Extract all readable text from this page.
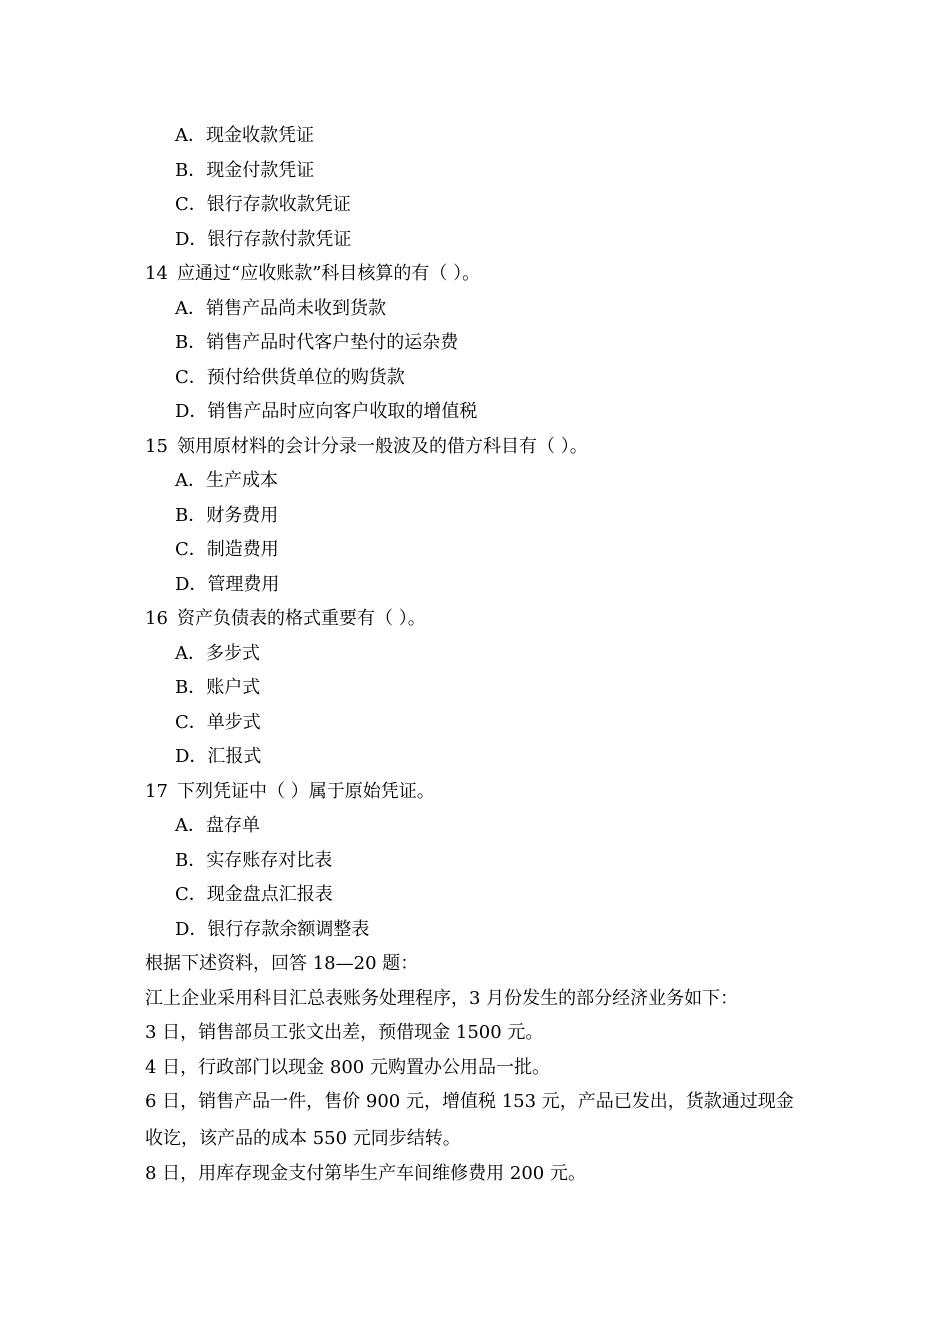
A．现金收款凭证
B．现金付款凭证
C．银行存款收款凭证
D．银行存款付款凭证
14 应通过“应收账款”科目核算的有（ ）。
A．销售产品尚未收到货款
B．销售产品时代客户垫付的运杂费
C．预付给供货单位的购货款
D．销售产品时应向客户收取的增值税
15 领用原材料的会计分录一般波及的借方科目有（ ）。
A．生产成本
B．财务费用
C．制造费用
D．管理费用
16 资产负债表的格式重要有（ ）。
A．多步式
B．账户式
C．单步式
D．汇报式
17 下列凭证中（ ）属于原始凭证。
A．盘存单
B．实存账存对比表
C．现金盘点汇报表
D．银行存款余额调整表
根据下述资料，回答 18—20 题：
江上企业采用科目汇总表账务处理程序，3 月份发生的部分经济业务如下：
3 日，销售部员工张文出差，预借现金 1500 元。
4 日，行政部门以现金 800 元购置办公用品一批。
6 日，销售产品一件，售价 900 元，增值税 153 元，产品已发出，货款通过现金
收讫，该产品的成本 550 元同步结转。
8 日，用库存现金支付第毕生产车间维修费用 200 元。
